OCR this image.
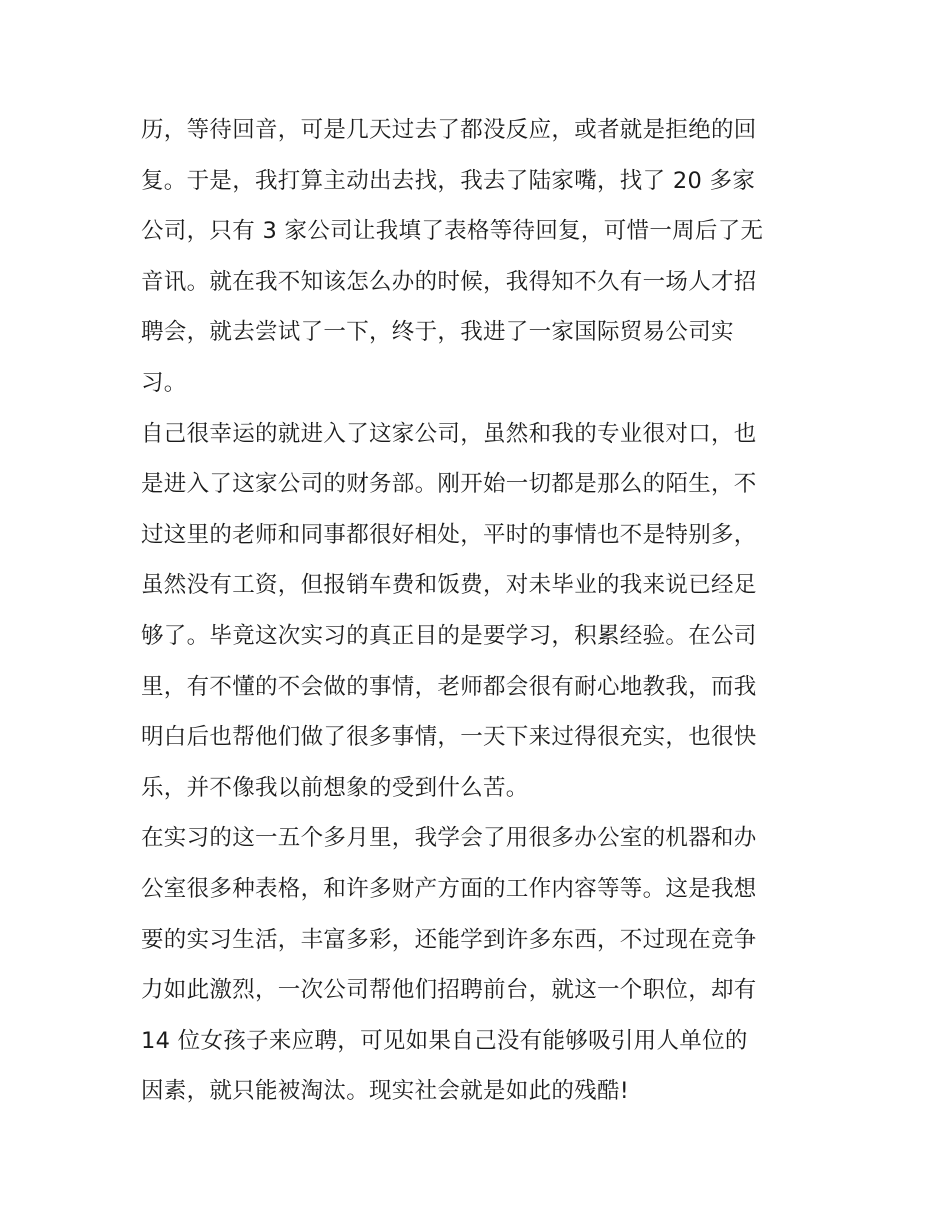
历，等待回音，可是几天过去了都没反应，或者就是拒绝的回
复。于是，我打算主动出去找，我去了陆家嘴，找了 20 多家
公司，只有 3 家公司让我填了表格等待回复，可惜一周后了无
音讯。就在我不知该怎么办的时候，我得知不久有一场人才招
聘会，就去尝试了一下，终于，我进了一家国际贸易公司实
习。
自己很幸运的就进入了这家公司，虽然和我的专业很对口，也
是进入了这家公司的财务部。刚开始一切都是那么的陌生，不
过这里的老师和同事都很好相处，平时的事情也不是特别多，
虽然没有工资，但报销车费和饭费，对未毕业的我来说已经足
够了。毕竟这次实习的真正目的是要学习，积累经验。在公司
里，有不懂的不会做的事情，老师都会很有耐心地教我，而我
明白后也帮他们做了很多事情，一天下来过得很充实，也很快
乐，并不像我以前想象的受到什么苦。
在实习的这一五个多月里，我学会了用很多办公室的机器和办
公室很多种表格，和许多财产方面的工作内容等等。这是我想
要的实习生活，丰富多彩，还能学到许多东西，不过现在竞争
力如此激烈，一次公司帮他们招聘前台，就这一个职位，却有
14 位女孩子来应聘，可见如果自己没有能够吸引用人单位的
因素，就只能被淘汰。现实社会就是如此的残酷!
